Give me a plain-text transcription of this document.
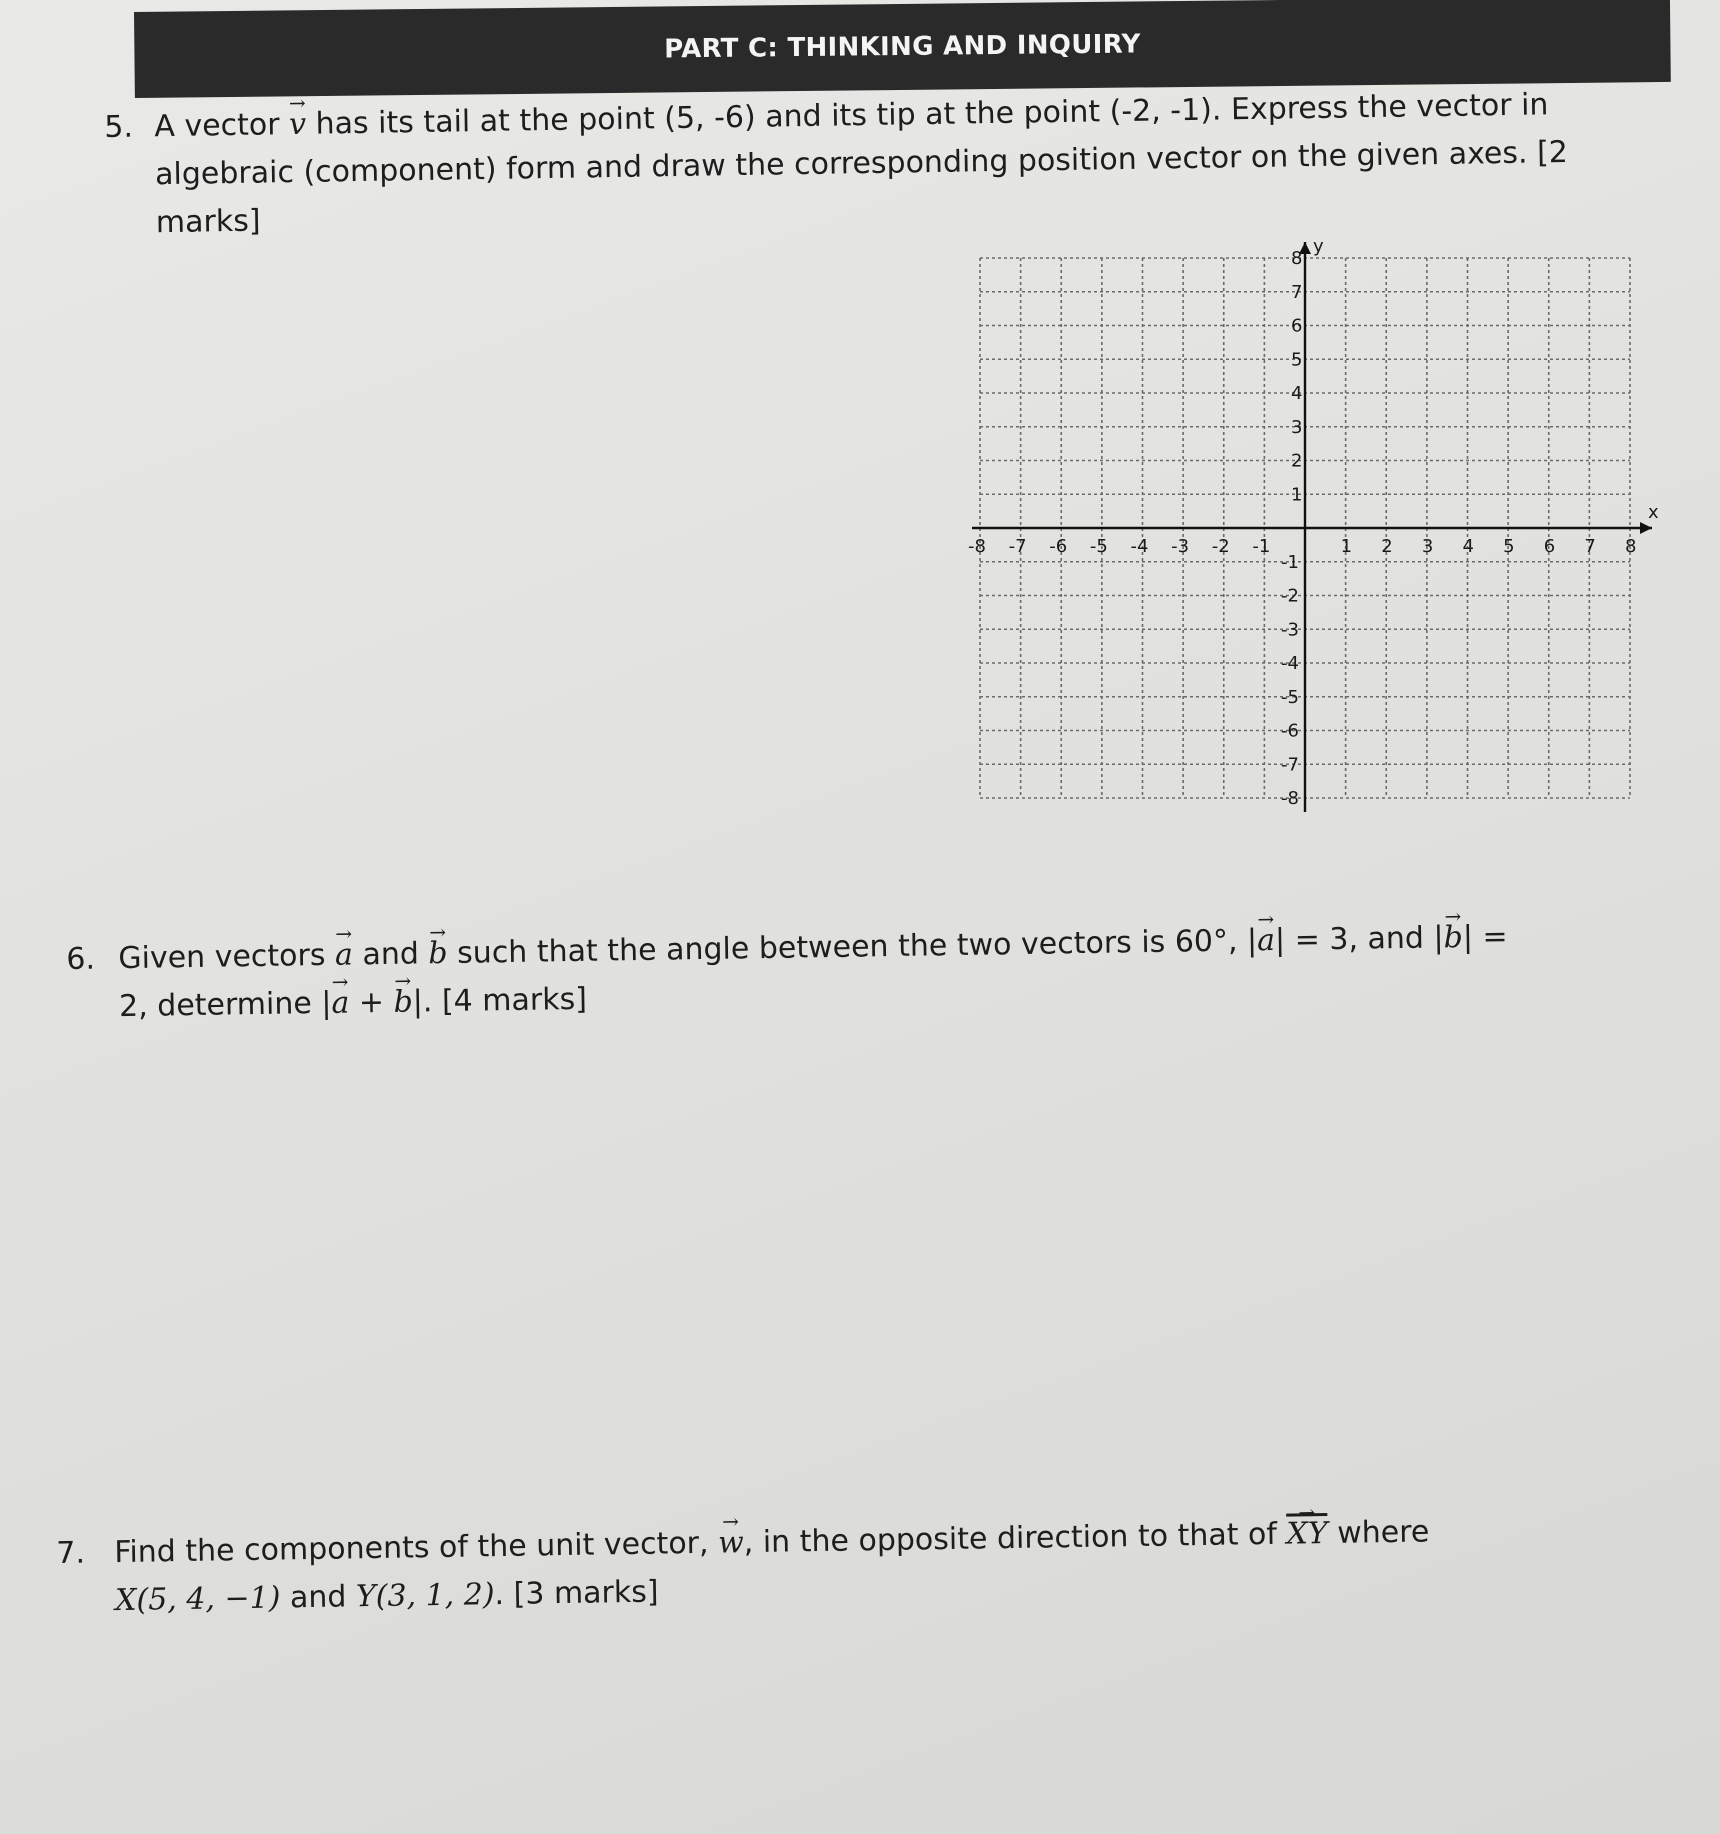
PART C: THINKING AND INQUIRY
5. A vector → v has its tail at the point (5, -6) and its tip at the point (-2, -1). Express the vector in
algebraic (component) form and draw the corresponding position vector on the given axes. [2
marks]
x
y
-8 -7 -6 -5 -4 -3 -2 -1	1 2 3 4 5 6 7 8
8
7
6
5
4
3
2
1
-1
-2
-3
-4
-5
-6
-7
-8
6. Given vectors → a and → b such that the angle between the two vectors is 60°, |→ a| = 3, and |→ b| =
2, determine |→ a + → b|. [4 marks]
7. Find the components of the unit vector, → w, in the opposite direction to that of → $\overline{XY}$ where
X(5, 4, −1) and Y(3, 1, 2). [3 marks]
